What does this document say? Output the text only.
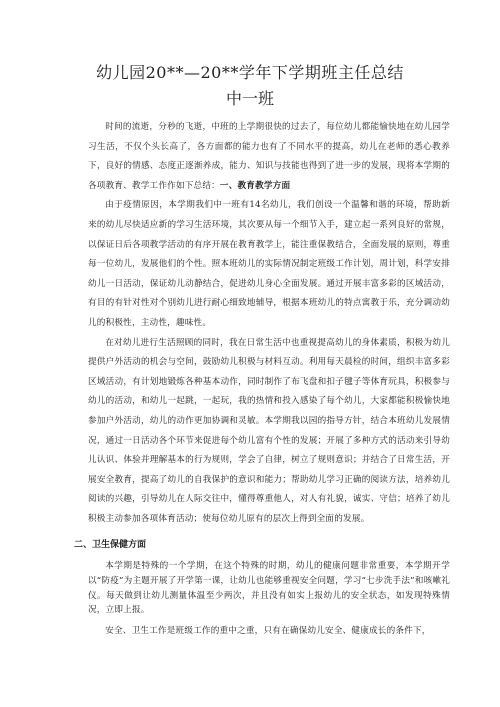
幼儿园20**—20**学年下学期班主任总结
中一班

时间的流逝，分秒的飞逝，中班的上学期很快的过去了，每位幼儿都能愉快地在幼儿园学习生活，不仅个头长高了，各方面都的能力也有了不同水平的提高，幼儿在老师的悉心教养下，良好的情感、态度正逐渐养成，能力、知识与技能也得到了进一步的发展，现将本学期的各项教育、教学工作作如下总结：一、教育教学方面

由于疫情原因，本学期我们中一班有14名幼儿，我们创设一个温馨和谐的环境，帮助新来的幼儿尽快适应新的学习生活环境，其次要从每一个细节入手，建立起一系列良好的常规，以保证日后各项教学活动的有序开展在教育教学上，能注重保教结合，全面发展的原则，尊重每一位幼儿，发展他们的个性。照本班幼儿的实际情况制定班级工作计划，周计划，科学安排幼儿一日活动，保证幼儿动静结合，促进幼儿身心全面发展。通过开展丰富多彩的区域活动，有目的有针对性对个别幼儿进行耐心细致地辅导，根据本班幼儿的特点寓教于乐，充分调动幼儿的积极性，主动性，趣味性。

在对幼儿进行生活照顾的同时，我在日常生活中也重视提高幼儿的身体素质，积极为幼儿提供户外活动的机会与空间，鼓励幼儿积极与材料互动。利用每天晨检的时间，组织丰富多彩区域活动，有计划地锻炼各种基本动作，同时制作了布飞盘和扣子毽子等体育玩具，积极参与幼儿的活动，和幼儿一起跳，一起玩，我的热情和投入感染了每个幼儿，大家都能积极愉快地参加户外活动，幼儿的动作更加协调和灵敏。本学期我以园的指导方针，结合本班幼儿发展情况，通过一日活动各个环节来促进每个幼儿富有个性的发展；开展了多种方式的活动来引导幼儿认识、体验并理解基本的行为规则，学会了自律，树立了规则意识；并结合了日常生活，开展安全教育，提高了幼儿的自我保护的意识和能力；帮助幼儿学习正确的阅读方法，培养幼儿阅读的兴趣，引导幼儿在人际交往中，懂得尊重他人，对人有礼貌，诚实、守信；培养了幼儿积极主动参加各项体育活动；使每位幼儿原有的层次上得到全面的发展。

二、卫生保健方面

本学期是特殊的一个学期，在这个特殊的时期，幼儿的健康问题非常重要，本学期开学以“防疫”为主题开展了开学第一课，让幼儿也能够重视安全问题，学习“七步洗手法”和咳嗽礼仪。每天做到让幼儿测量体温至少两次，并且没有如实上报幼儿的安全状态，如发现特殊情况，立即上报。

安全、卫生工作是班级工作的重中之重，只有在确保幼儿安全、健康成长的条件下，
